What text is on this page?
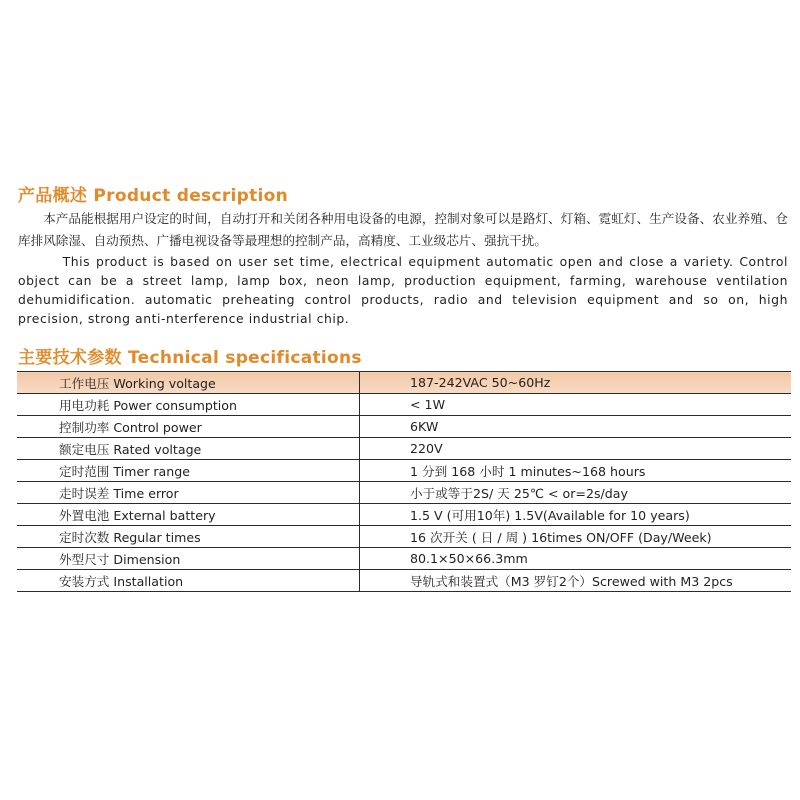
产品概述 Product description

本产品能根据用户设定的时间，自动打开和关闭各种用电设备的电源，控制对象可以是路灯、灯箱、霓虹灯、生产设备、农业养殖、仓库排风除湿、自动预热、广播电视设备等最理想的控制产品，高精度、工业级芯片、强抗干扰。

This product is based on user set time, electrical equipment automatic open and close a variety. Control object can be a street lamp, lamp box, neon lamp, production equipment, farming, warehouse ventilation dehumidification. automatic preheating control products, radio and television equipment and so on, high precision, strong anti-nterference industrial chip.

主要技术参数 Technical specifications
工作电压 Working voltage	187-242VAC 50~60Hz
用电功耗 Power consumption	< 1W
控制功率 Control power	6KW
额定电压 Rated voltage	220V
定时范围 Timer range	1 分到 168 小时 1 minutes~168 hours
走时误差 Time error	小于或等于2S/ 天 25℃ < or=2s/day
外置电池 External battery	1.5 V (可用10年) 1.5V(Available for 10 years)
定时次数 Regular times	16 次开关 ( 日 / 周 ) 16times ON/OFF (Day/Week)
外型尺寸 Dimension	80.1×50×66.3mm
安装方式 Installation	导轨式和装置式（M3 罗钉2个）Screwed with M3 2pcs
